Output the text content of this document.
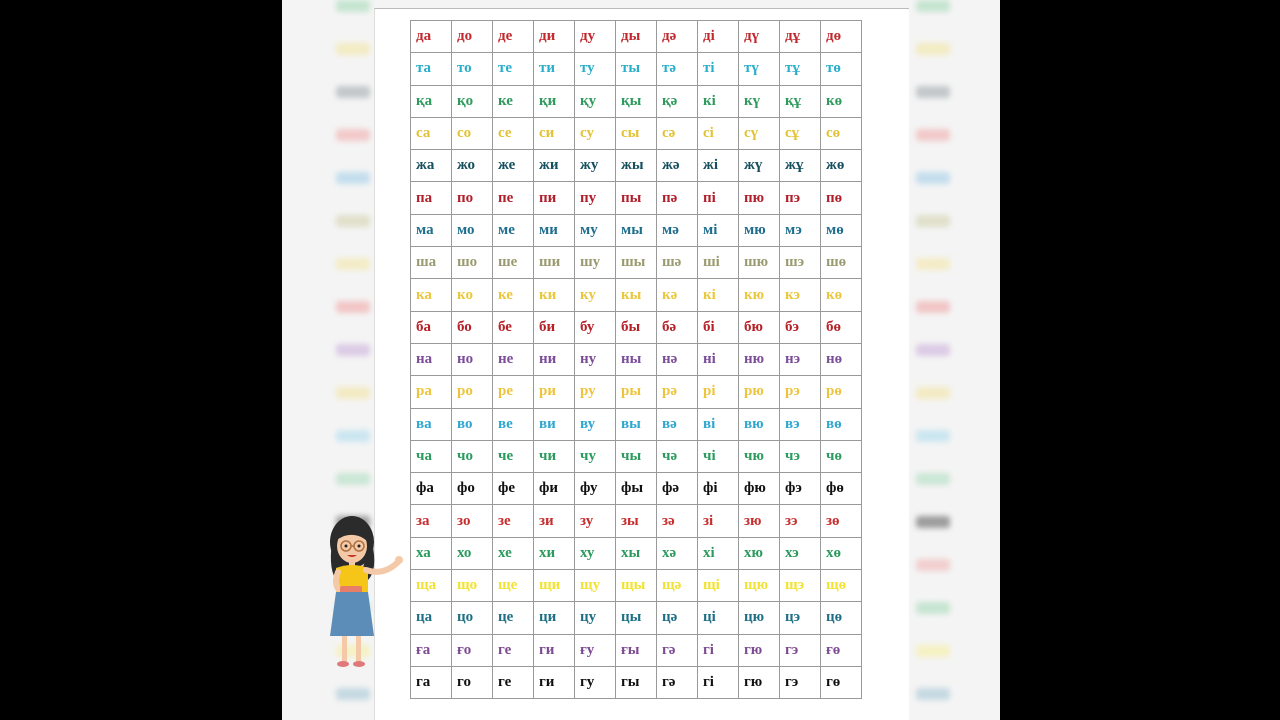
да	до	де	ди	ду	ды	дә	ді	дү	дұ	дө
та	то	те	ти	ту	ты	тә	ті	тү	тұ	тө
қа	қо	ке	қи	қу	қы	қә	кі	кү	құ	кө
са	со	се	си	су	сы	сә	сі	сү	сұ	сө
жа	жо	же	жи	жу	жы	жә	жі	жү	жұ	жө
па	по	пе	пи	пу	пы	пә	пі	пю	пэ	пө
ма	мо	ме	ми	му	мы	мә	мі	мю	мэ	мө
ша	шо	ше	ши	шу	шы	шә	ші	шю	шэ	шө
ка	ко	ке	ки	ку	кы	кә	кі	кю	кэ	кө
ба	бо	бе	би	бу	бы	бә	бі	бю	бэ	бө
на	но	не	ни	ну	ны	нә	ні	ню	нэ	нө
ра	ро	ре	ри	ру	ры	рә	рі	рю	рэ	рө
ва	во	ве	ви	ву	вы	вә	ві	вю	вэ	вө
ча	чо	че	чи	чу	чы	чә	чі	чю	чэ	чө
фа	фо	фе	фи	фу	фы	фә	фі	фю	фэ	фө
за	зо	зе	зи	зу	зы	зә	зі	зю	зэ	зө
ха	хо	хе	хи	ху	хы	хә	хі	хю	хэ	хө
ща	що	ще	щи	щу	щы	щә	щі	щю	щэ	щө
ца	цо	це	ци	цу	цы	цә	ці	цю	цэ	цө
ға	ғо	ге	ги	ғу	ғы	гә	гі	гю	гэ	ғө
га	го	ге	ги	гу	гы	гә	гі	гю	гэ	гө
